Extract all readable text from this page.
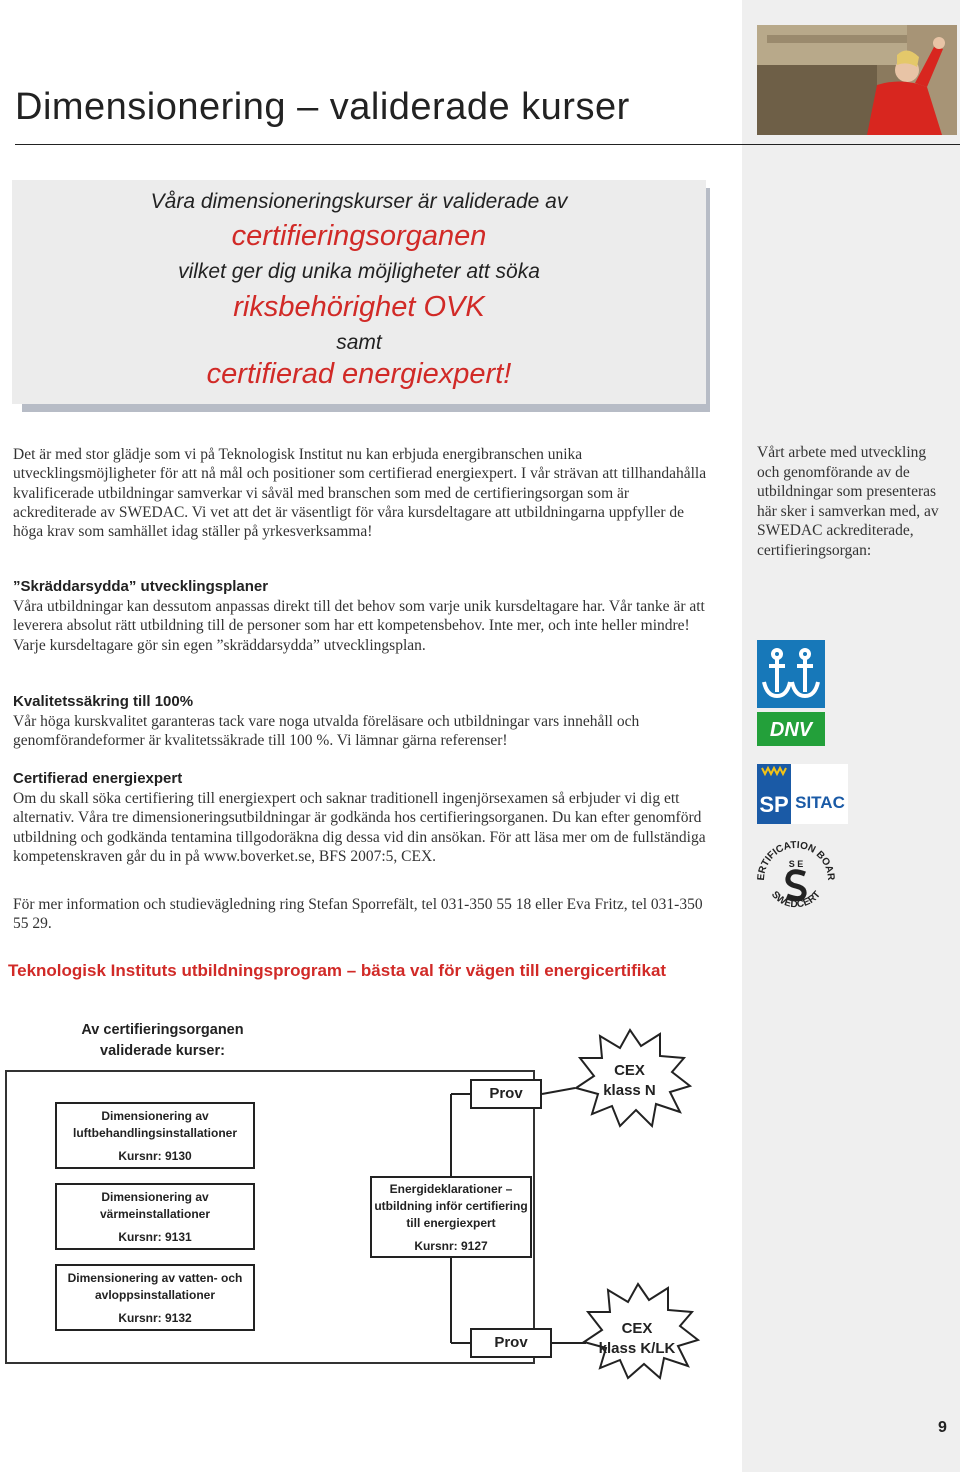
Dimensionering – validerade kurser
Våra dimensioneringskurser är validerade av
certifieringsorganen
vilket ger dig unika möjligheter att söka
riksbehörighet OVK
samt
certifierad energiexpert!

Det är med stor glädje som vi på Teknologisk Institut nu kan erbjuda energibranschen unika utvecklingsmöjligheter för att nå mål och positioner som certifierad energiexpert. I vår strävan att tillhandahålla kvalificerade utbildningar samverkar vi såväl med branschen som med de certifieringsorgan som är ackrediterade av SWEDAC. Vi vet att det är väsentligt för våra kursdeltagare att utbildningarna uppfyller de höga krav som samhället idag ställer på yrkesverksamma!

”Skräddarsydda” utvecklingsplaner

Våra utbildningar kan dessutom anpassas direkt till det behov som varje unik kursdeltagare har. Vår tanke är att leverera absolut rätt utbildning till de personer som har ett kompetensbehov. Inte mer, och inte heller mindre! Varje kursdeltagare gör sin egen ”skräddarsydda” utvecklingsplan.

Kvalitetssäkring till 100%

Vår höga kurskvalitet garanteras tack vare noga utvalda föreläsare och utbildningar vars innehåll och genomförandeformer är kvalitetssäkrade till 100 %. Vi lämnar gärna referenser!

Certifierad energiexpert

Om du skall söka certifiering till energiexpert och saknar traditionell ingenjörsexamen så erbjuder vi dig ett alternativ. Våra tre dimensioneringsutbildningar är godkända hos certifieringsorganen. Du kan efter genomförd utbildning och godkända tentamina tillgodoräkna dig dessa vid din ansökan. För att läsa mer om de fullständiga kompetenskraven går du in på www.boverket.se, BFS 2007:5, CEX.

För mer information och studievägledning ring Stefan Sporrefält, tel 031-350 55 18 eller Eva Fritz, tel 031-350 55 29.

Vårt arbete med utveckling och genomförande av de utbildningar som presenteras här sker i samverkan med, av SWEDAC ackrediterade, certifieringsorgan:

DNV
SP SITAC
ERTIFICATION BOAR
SWEDCERT
S E
Teknologisk Instituts utbildningsprogram – bästa val för vägen till energicertifikat
Av certifieringsorganen
validerade kurser:
Dimensionering av luftbehandlingsinstallationer
Kursnr: 9130
Dimensionering av värmeinstallationer
Kursnr: 9131
Dimensionering av vatten- och avloppsinstallationer
Kursnr: 9132
Energideklarationer – utbildning inför certifiering till energiexpert
Kursnr: 9127
Prov
Prov
CEX
klass N
CEX
klass K/LK
9
